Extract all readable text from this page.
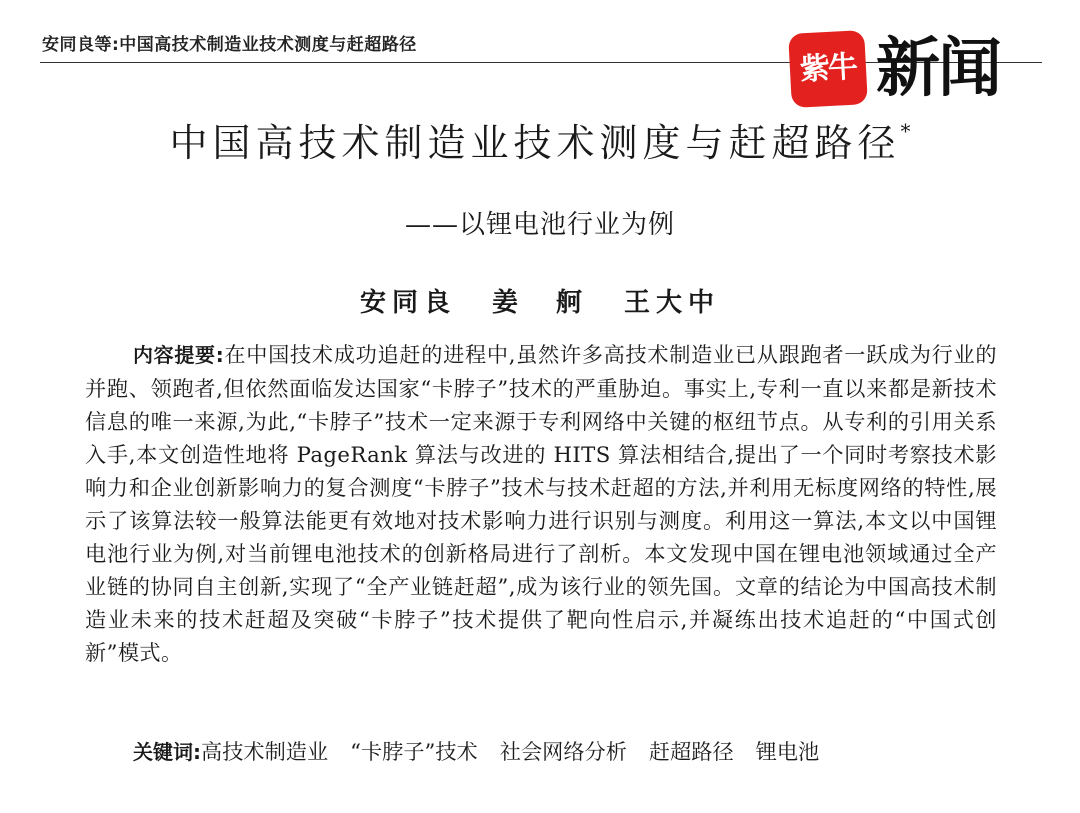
安同良等:中国高技术制造业技术测度与赶超路径
紫牛 新闻
中国高技术制造业技术测度与赶超路径*
——以锂电池行业为例
安同良 姜　舸 王大中

内容提要:在中国技术成功追赶的进程中,虽然许多高技术制造业已从跟跑者一跃成为行业的并跑、领跑者,但依然面临发达国家“卡脖子”技术的严重胁迫。事实上,专利一直以来都是新技术信息的唯一来源,为此,“卡脖子”技术一定来源于专利网络中关键的枢纽节点。从专利的引用关系入手,本文创造性地将 PageRank 算法与改进的 HITS 算法相结合,提出了一个同时考察技术影响力和企业创新影响力的复合测度“卡脖子”技术与技术赶超的方法,并利用无标度网络的特性,展示了该算法较一般算法能更有效地对技术影响力进行识别与测度。利用这一算法,本文以中国锂电池行业为例,对当前锂电池技术的创新格局进行了剖析。本文发现中国在锂电池领域通过全产业链的协同自主创新,实现了“全产业链赶超”,成为该行业的领先国。文章的结论为中国高技术制造业未来的技术赶超及突破“卡脖子”技术提供了靶向性启示,并凝练出技术追赶的“中国式创新”模式。

关键词:高技术制造业 “卡脖子”技术 社会网络分析 赶超路径 锂电池
